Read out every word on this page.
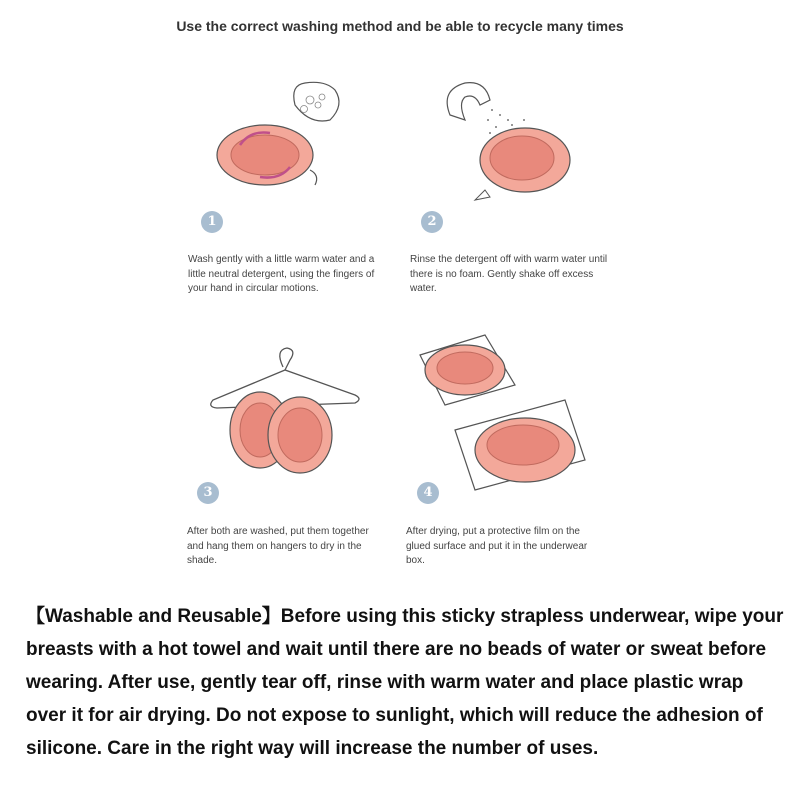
Use the correct washing method and be able to recycle many times
1
Wash gently with a little warm water and a little neutral detergent, using the fingers of your hand in circular motions.
2
Rinse the detergent off with warm water until there is no foam. Gently shake off excess water.
3
After both are washed, put them together and hang them on hangers to dry in the shade.
4
After drying, put a protective film on the glued surface and put it in the underwear box.
【Washable and Reusable】Before using this sticky strapless underwear, wipe your breasts with a hot towel and wait until there are no beads of water or sweat before wearing. After use, gently tear off, rinse with warm water and place plastic wrap over it for air drying. Do not expose to sunlight, which will reduce the adhesion of silicone. Care in the right way will increase the number of uses.
